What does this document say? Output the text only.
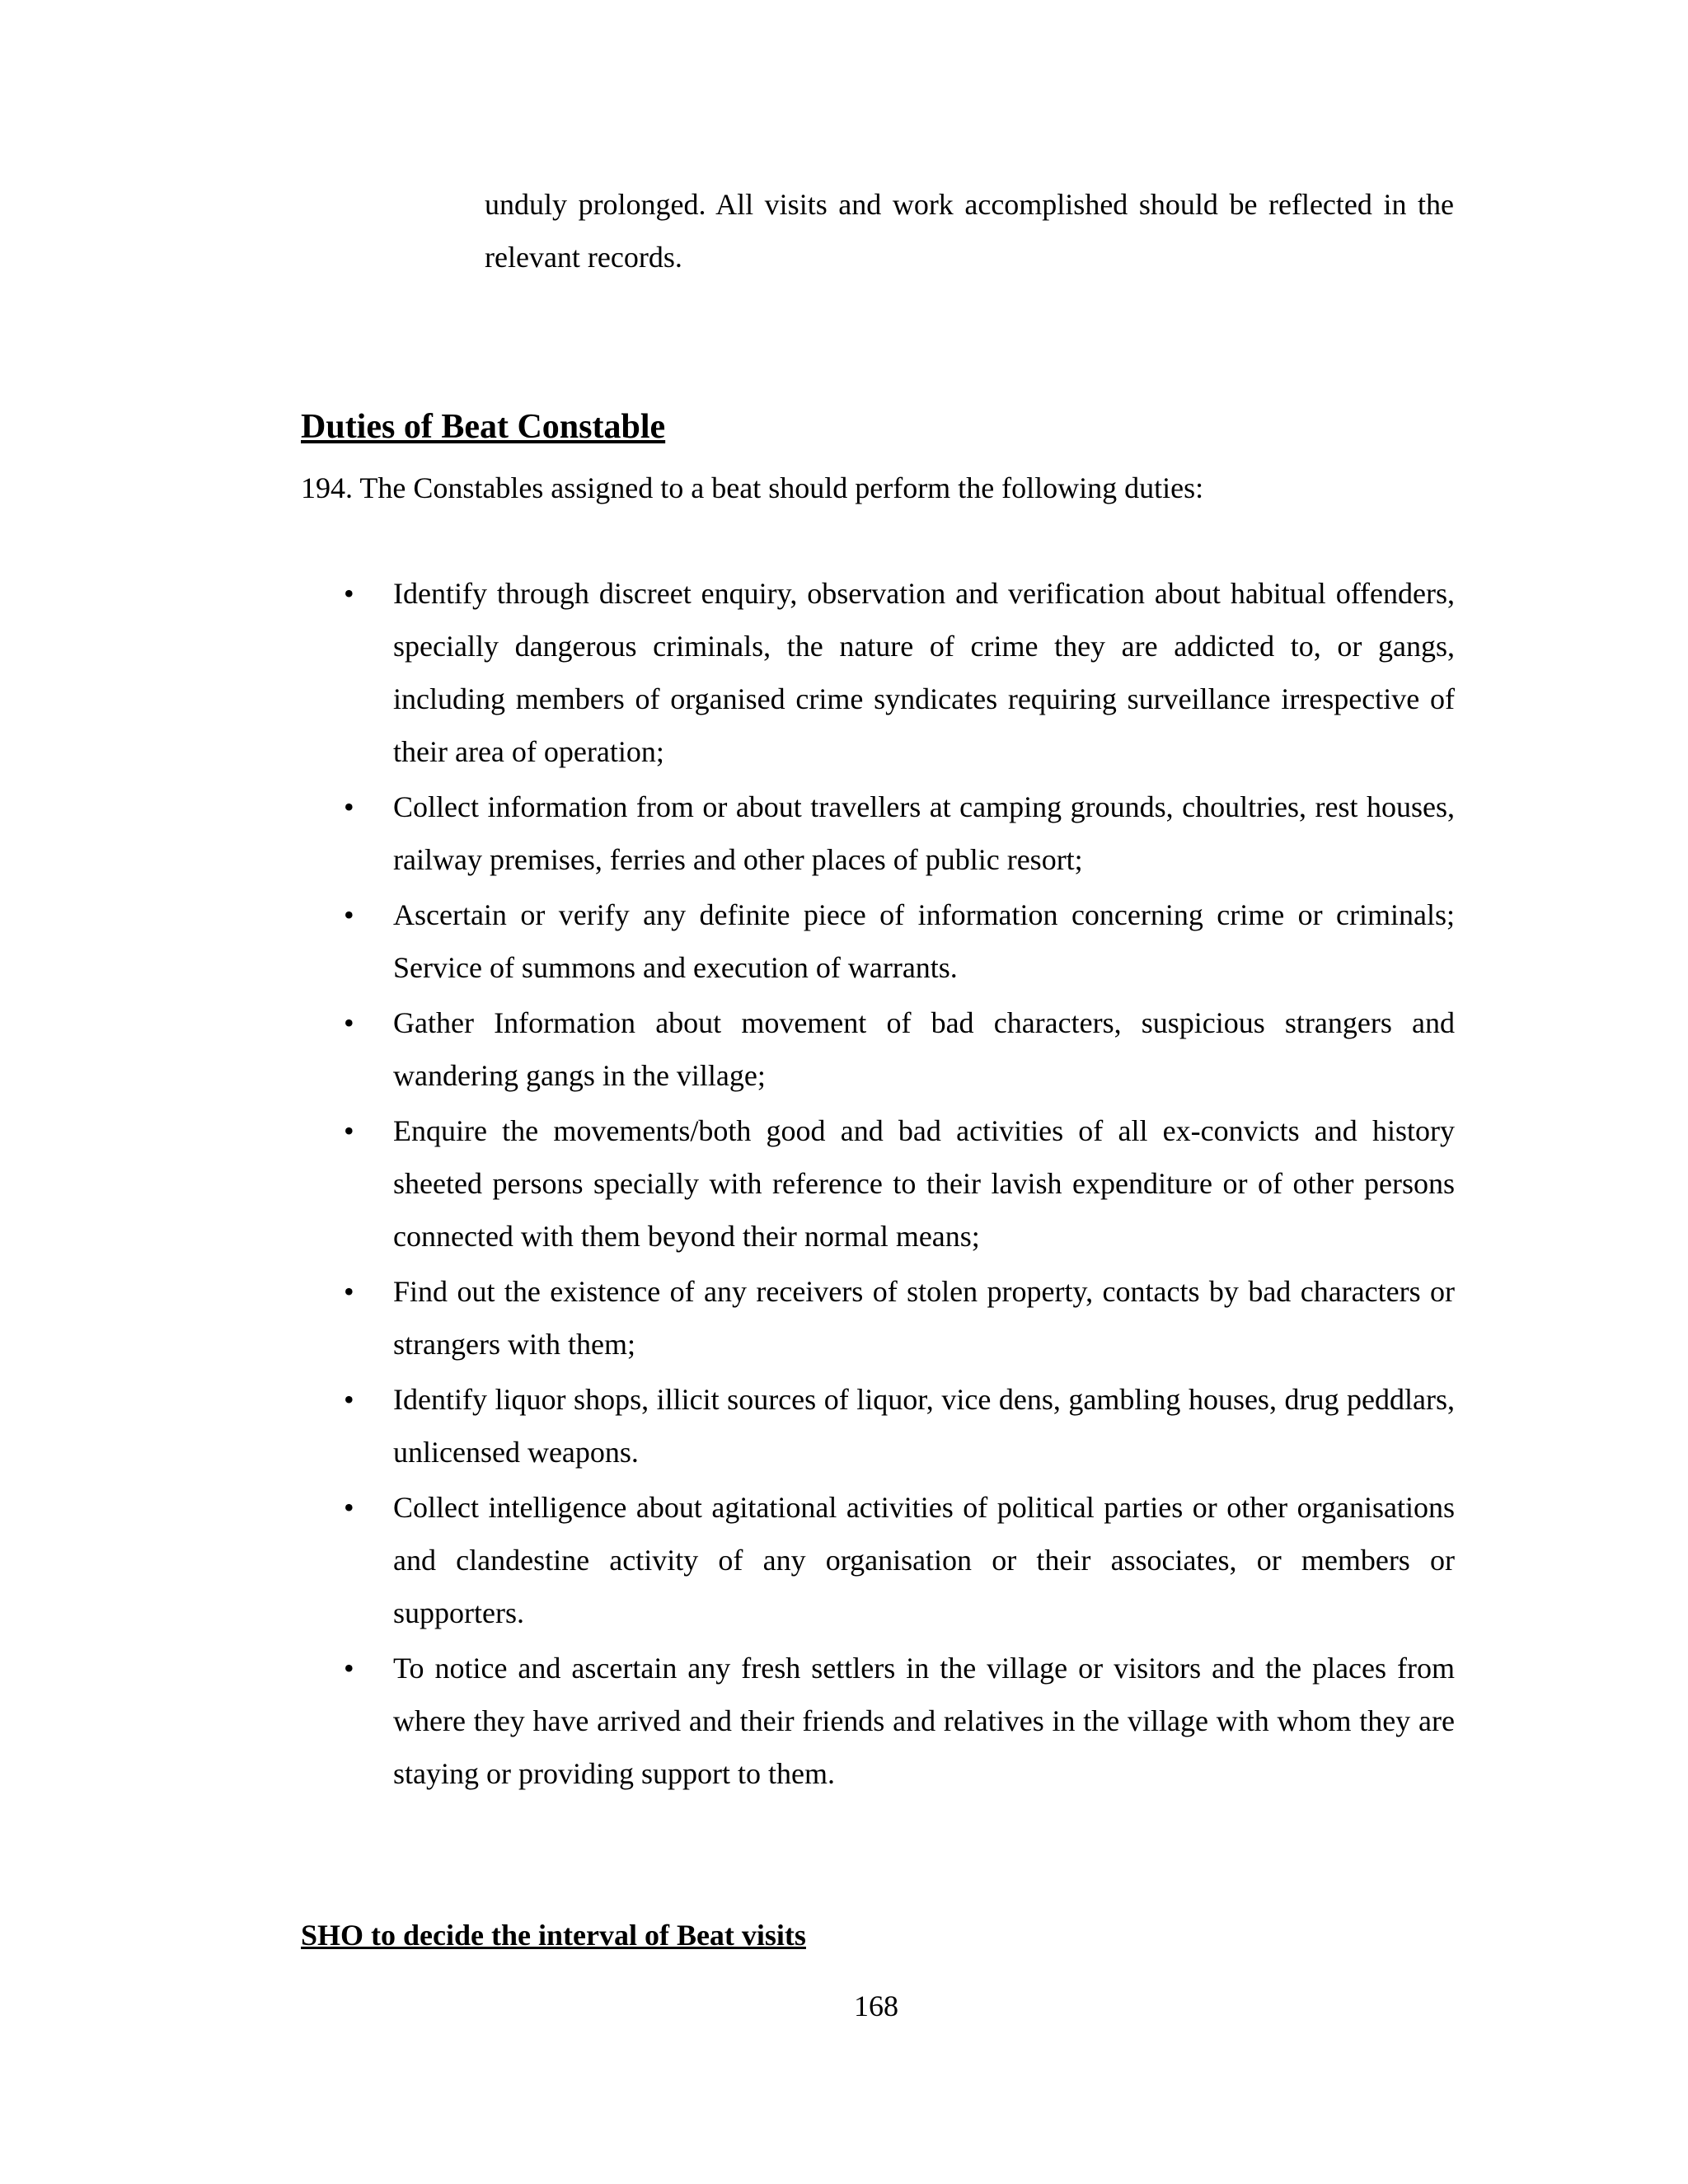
unduly prolonged. All visits and work accomplished should be reflected in the relevant records.

Duties of Beat Constable

194. The Constables assigned to a beat should perform the following duties:

• Identify through discreet enquiry, observation and verification about habitual offenders, specially dangerous criminals, the nature of crime they are addicted to, or gangs, including members of organised crime syndicates requiring surveillance irrespective of their area of operation;
• Collect information from or about travellers at camping grounds, choultries, rest houses, railway premises, ferries and other places of public resort;
• Ascertain or verify any definite piece of information concerning crime or criminals; Service of summons and execution of warrants.
• Gather Information about movement of bad characters, suspicious strangers and wandering gangs in the village;
• Enquire the movements/both good and bad activities of all ex-convicts and history sheeted persons specially with reference to their lavish expenditure or of other persons connected with them beyond their normal means;
• Find out the existence of any receivers of stolen property, contacts by bad characters or strangers with them;
• Identify liquor shops, illicit sources of liquor, vice dens, gambling houses, drug peddlars, unlicensed weapons.
• Collect intelligence about agitational activities of political parties or other organisations and clandestine activity of any organisation or their associates, or members or supporters.
• To notice and ascertain any fresh settlers in the village or visitors and the places from where they have arrived and their friends and relatives in the village with whom they are staying or providing support to them.
SHO to decide the interval of Beat visits

168
